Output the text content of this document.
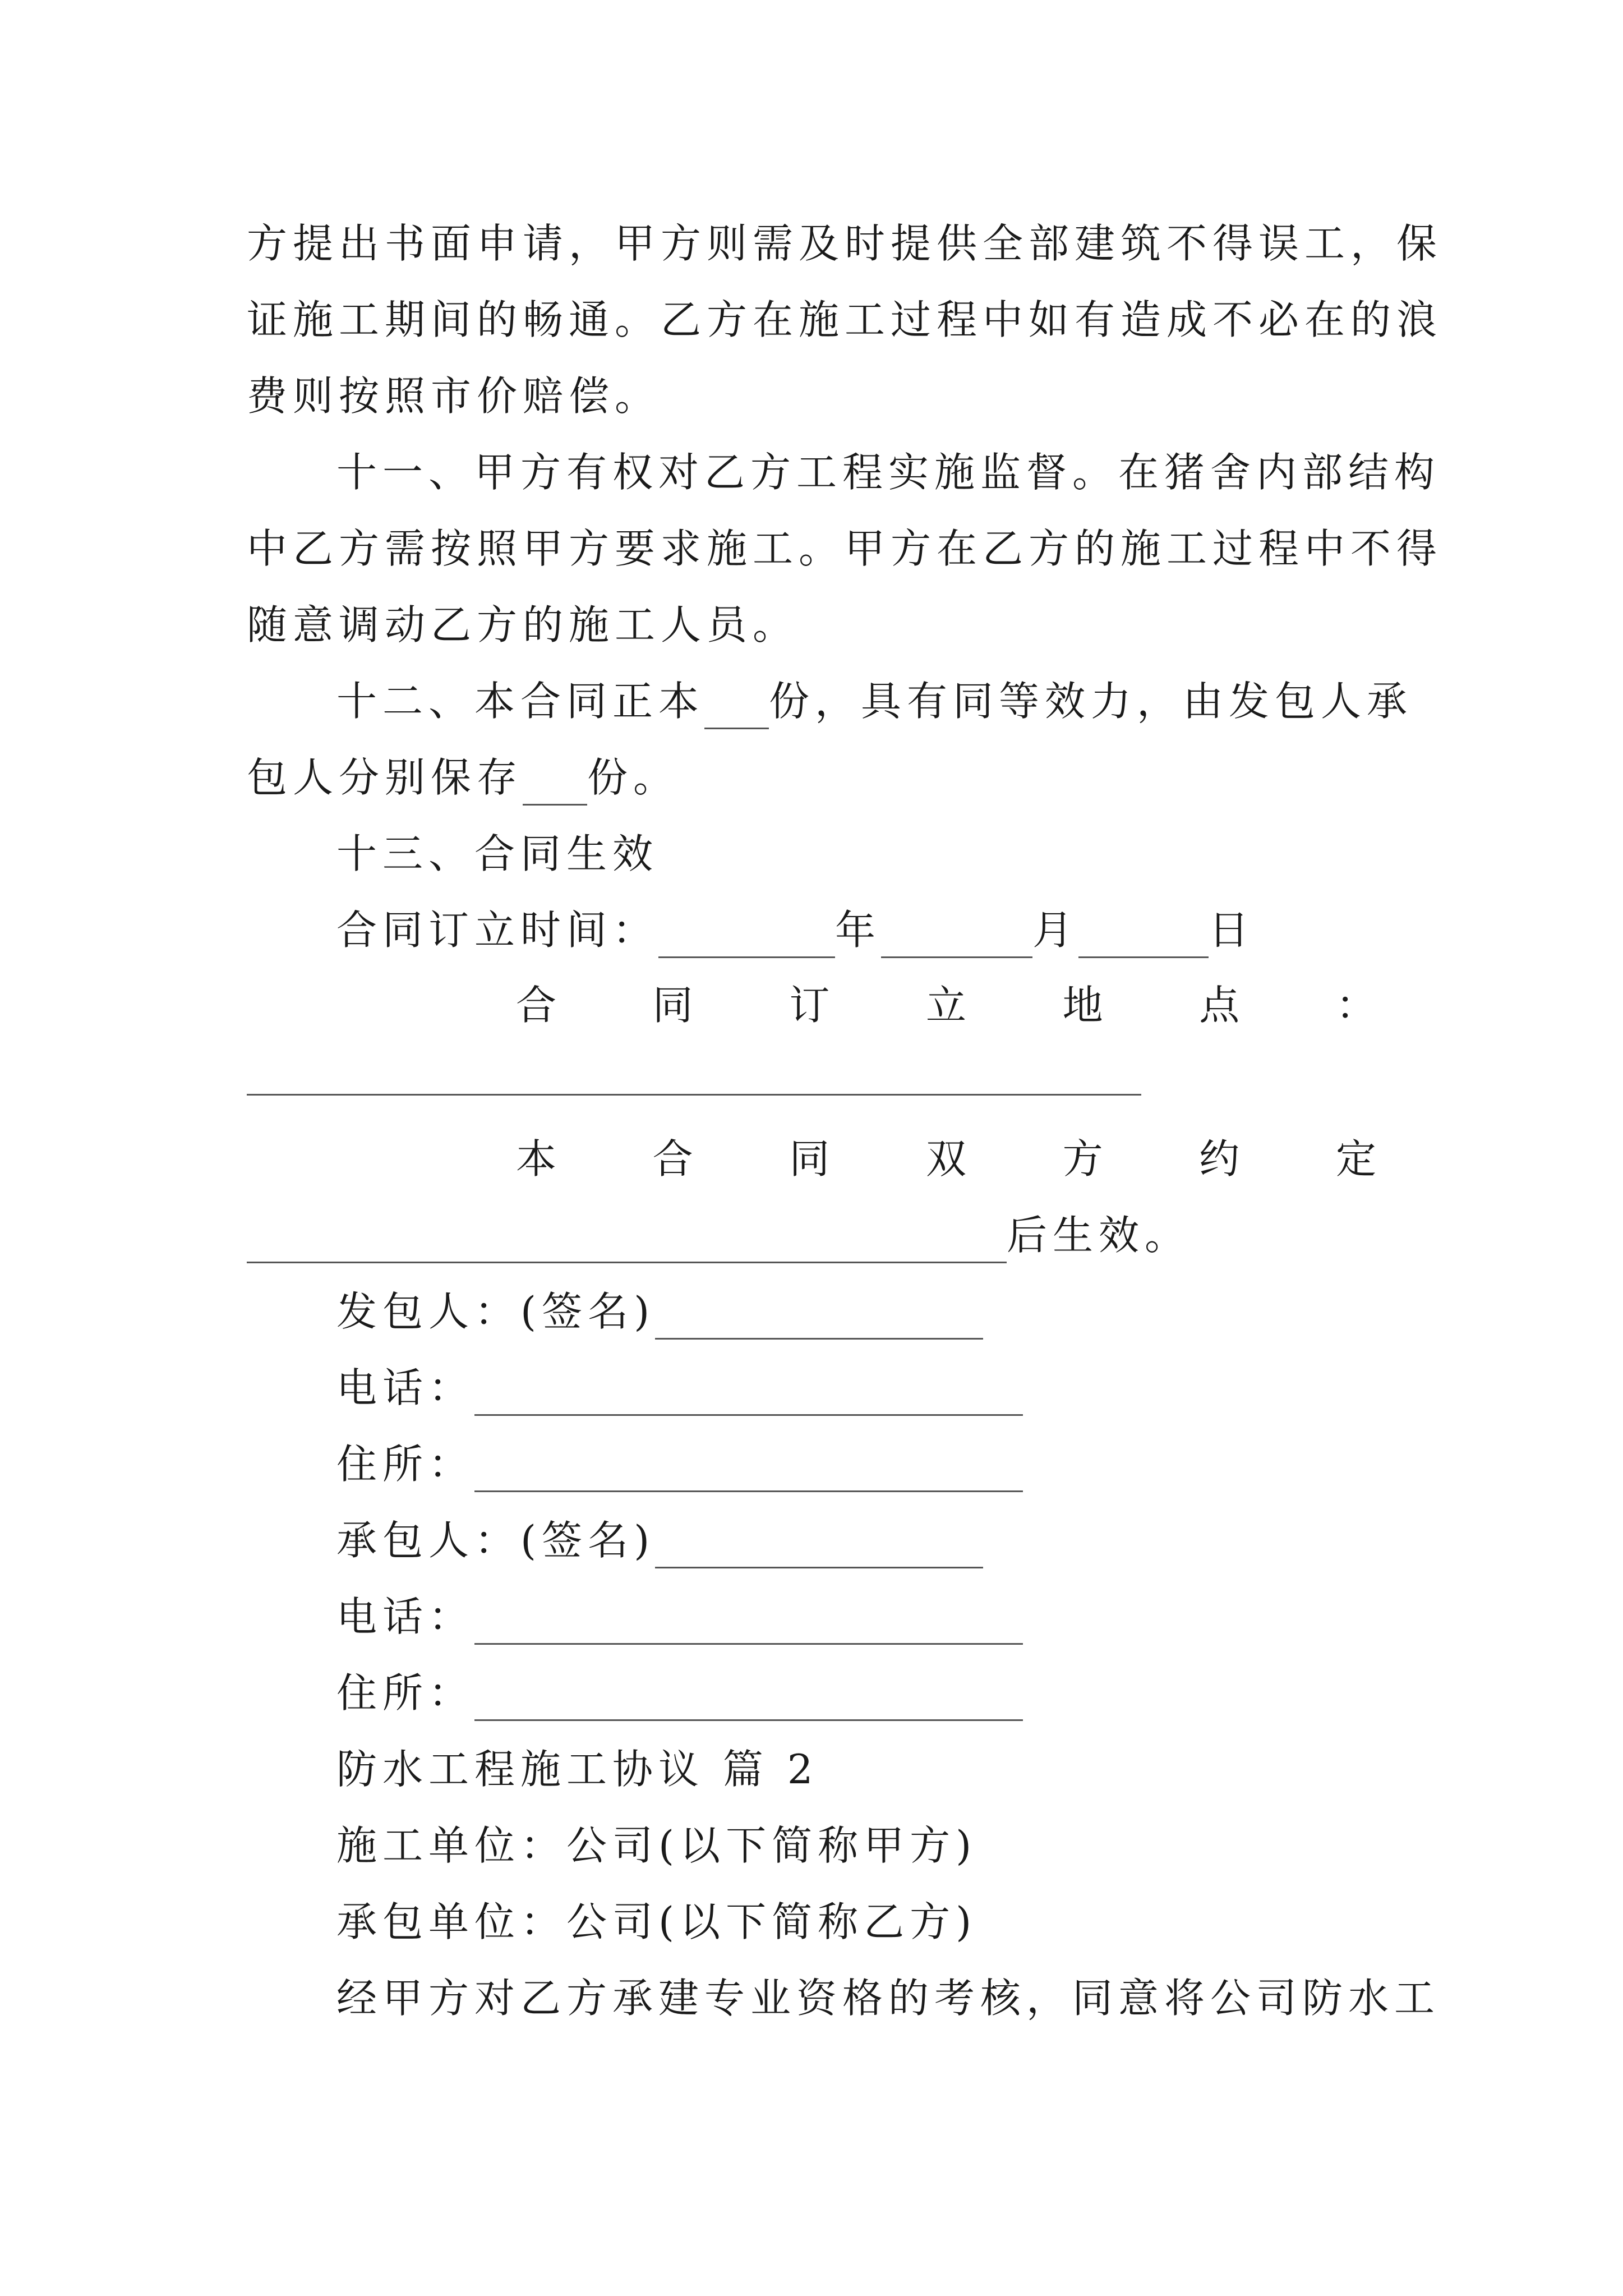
方提出书面申请，甲方则需及时提供全部建筑不得误工，保
证施工期间的畅通。乙方在施工过程中如有造成不必在的浪
费则按照市价赔偿。
十一、甲方有权对乙方工程实施监督。在猪舍内部结构
中乙方需按照甲方要求施工。甲方在乙方的施工过程中不得
随意调动乙方的施工人员。
十二、本合同正本 份，具有同等效力，由发包人承
包人分别保存 份。
十三、合同生效
合同订立时间：	年	月	日
合 同 订 立 地 点 ：
本 合 同 双 方 约 定
后生效。
发包人：(签名)
电话：
住所：
承包人：(签名)
电话：
住所：
防水工程施工协议 篇 2
施工单位：公司(以下简称甲方)
承包单位：公司(以下简称乙方)
经甲方对乙方承建专业资格的考核，同意将公司防水工
